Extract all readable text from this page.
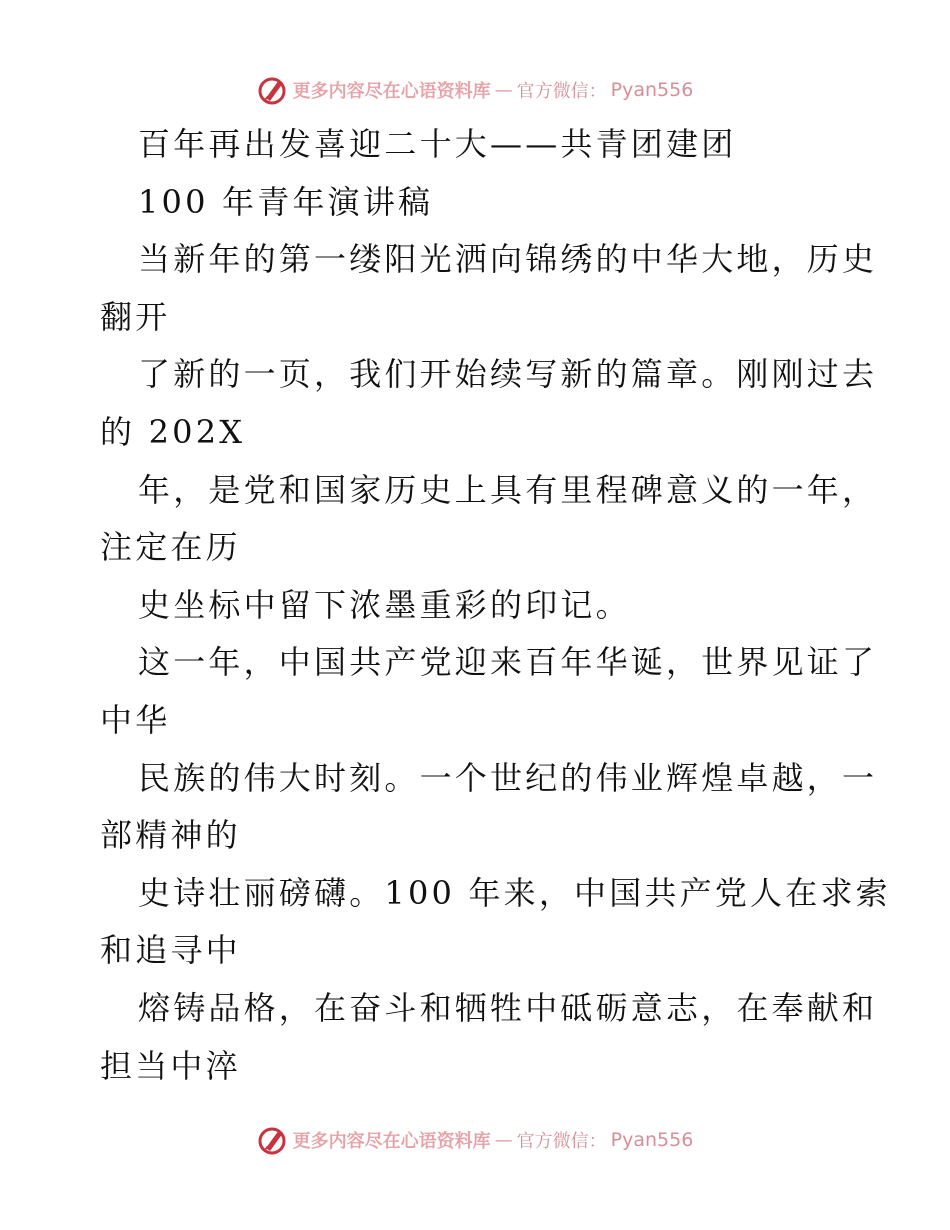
更多内容尽在心语资料库 — 官方微信： Pyan556
百年再出发喜迎二十大——共青团建团
100 年青年演讲稿
当新年的第一缕阳光洒向锦绣的中华大地，历史
翻开
了新的一页，我们开始续写新的篇章。刚刚过去
的 202X
年，是党和国家历史上具有里程碑意义的一年，
注定在历
史坐标中留下浓墨重彩的印记。
这一年，中国共产党迎来百年华诞，世界见证了
中华
民族的伟大时刻。一个世纪的伟业辉煌卓越，一
部精神的
史诗壮丽磅礴。100 年来，中国共产党人在求索
和追寻中
熔铸品格，在奋斗和牺牲中砥砺意志，在奉献和
担当中淬
更多内容尽在心语资料库 — 官方微信： Pyan556
